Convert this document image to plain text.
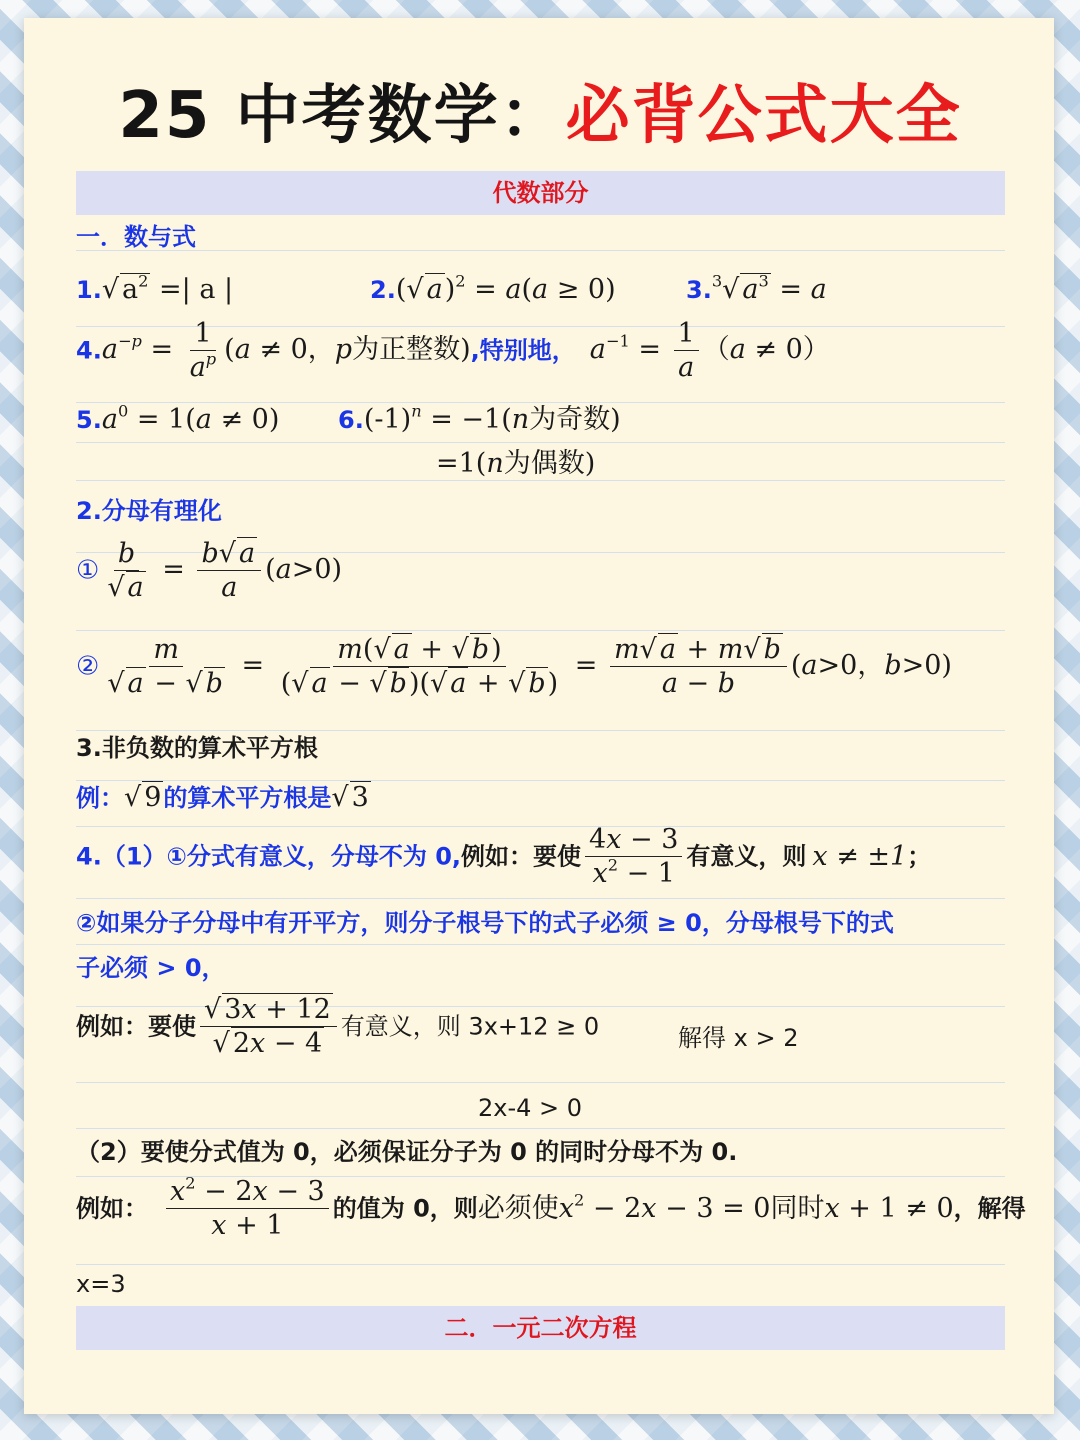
25 中考数学：必背公式大全
代数部分
一．数与式
1. √ $a^2$ =| a |	2.( √ a)$^2$ = a(a ≥ 0)	3.$^3$ √ $a^3 = a$
$4.a^{-p} = \frac{1}{a^p} (a \ne 0$，p为正整数),特别地， $a^{-1} = \frac{1}{a} (a \ne 0)$
$5.a^0 = 1(a \ne 0) 6.(-1)^n = -1(n$为奇数)
=1(n为偶数)
2.分母有理化
① b
√ $a = \frac{b √ a}{a} (a>0)$
② m
√ a − √ $b = \frac{m( √ a + √ b)}{( √ a - √ b)( √ a + √ b)} = \frac{m √ a + m √ b}{a - b} (a>0$，b>0)
3.非负数的算术平方根
例： √ 9的算术平方根是 √ 3
4.（1）①分式有意义，分母不为 0,例如：要使 $\frac{4x - 3}{x^2 - 1}$ 有意义，则 x ≠ ±1；
②如果分子分母中有开平方，则分子根号下的式子必须 ≥ 0，分母根号下的式
子必须 > 0，
例如：要使 √ 3x + 12
√ 2x − 4 有意义，则 3x+12 ≥ 0	解得 x > 2
2x-4 > 0
（2）要使分式值为 0，必须保证分子为 0 的同时分母不为 0.
例如： $\frac{x^2 - 2x - 3}{x + 1}$ 的值为 0，则必须使$x^2 - 2x - 3 = 0$同时x + 1 ≠ 0，解得
x=3
二．一元二次方程
